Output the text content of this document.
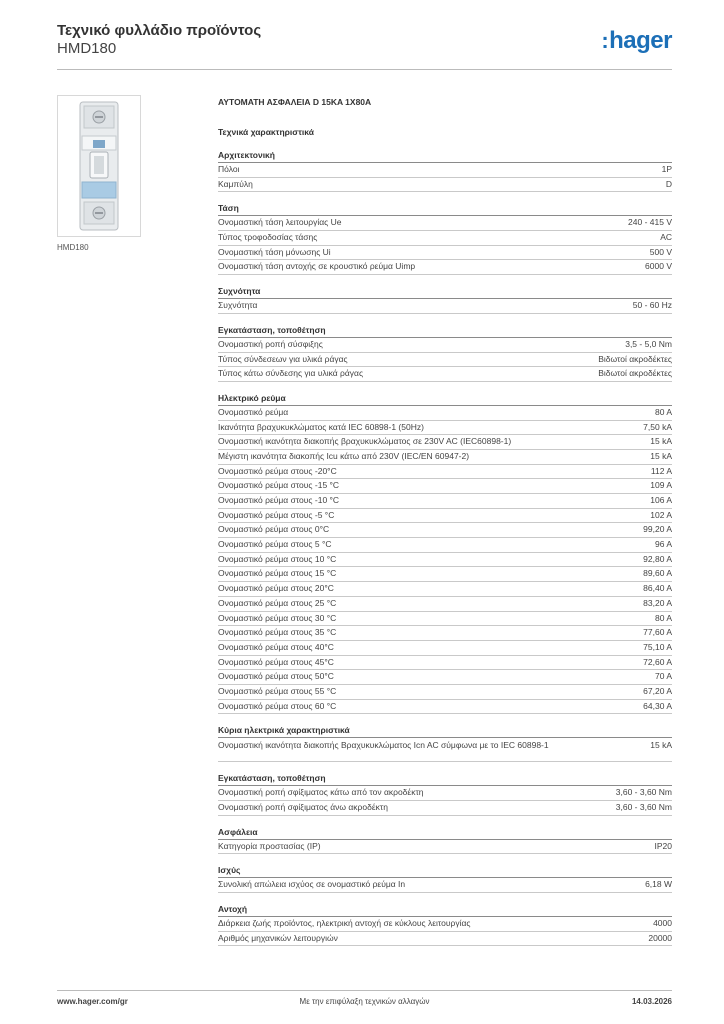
Τεχνικό φυλλάδιο προϊόντος
HMD180	:hager
HMD180
ΑΥΤΟΜΑΤΗ ΑΣΦΑΛΕΙΑ D 15KA 1X80A
Τεχνικά χαρακτηριστικά
Αρχιτεκτονική
Πόλοι	1P
Καμπύλη	D
Τάση
Ονομαστική τάση λειτουργίας Ue	240 - 415 V
Τύπος τροφοδοσίας τάσης	AC
Ονομαστική τάση μόνωσης Ui	500 V
Ονομαστική τάση αντοχής σε κρουστικό ρεύμα Uimp	6000 V
Συχνότητα
Συχνότητα	50 - 60 Hz
Εγκατάσταση, τοποθέτηση
Ονομαστική ροπή σύσφιξης	3,5 - 5,0 Nm
Τύπος σύνδεσεων για υλικά ράγας	Βιδωτοί ακροδέκτες
Τύπος κάτω σύνδεσης για υλικά ράγας	Βιδωτοί ακροδέκτες
Ηλεκτρικό ρεύμα
Ονομαστικό ρεύμα	80 A
Ικανότητα βραχυκυκλώματος κατά IEC 60898-1 (50Hz)	7,50 kA
Ονομαστική ικανότητα διακοπής βραχυκυκλώματος σε 230V AC (IEC60898-1)	15 kA
Μέγιστη ικανότητα διακοπής Icu κάτω από 230V (IEC/EN 60947-2)	15 kA
Ονομαστικό ρεύμα στους -20°C	112 A
Ονομαστικό ρεύμα στους -15 °C	109 A
Ονομαστικό ρεύμα στους -10 °C	106 A
Ονομαστικό ρεύμα στους -5 °C	102 A
Ονομαστικό ρεύμα στους 0°C	99,20 A
Ονομαστικό ρεύμα στους 5 °C	96 A
Ονομαστικό ρεύμα στους 10 °C	92,80 A
Ονομαστικό ρεύμα στους 15 °C	89,60 A
Ονομαστικό ρεύμα στους 20°C	86,40 A
Ονομαστικό ρεύμα στους 25 °C	83,20 A
Ονομαστικό ρεύμα στους 30 °C	80 A
Ονομαστικό ρεύμα στους 35 °C	77,60 A
Ονομαστικό ρεύμα στους 40°C	75,10 A
Ονομαστικό ρεύμα στους 45°C	72,60 A
Ονομαστικό ρεύμα στους 50°C	70 A
Ονομαστικό ρεύμα στους 55 °C	67,20 A
Ονομαστικό ρεύμα στους 60 °C	64,30 A
Κύρια ηλεκτρικά χαρακτηριστικά
Ονομαστική ικανότητα διακοπής Βραχυκυκλώματος Icn AC σύμφωνα με το IEC 60898-1	15 kA
Εγκατάσταση, τοποθέτηση
Ονομαστική ροπή σφίξιματος κάτω από τον ακροδέκτη	3,60 - 3,60 Nm
Ονομαστική ροπή σφίξιματος άνω ακροδέκτη	3,60 - 3,60 Nm
Ασφάλεια
Κατηγορία προστασίας (IP)	IP20
Ισχύς
Συνολική απώλεια ισχύος σε ονομαστικό ρεύμα In	6,18 W
Αντοχή
Διάρκεια ζωής προϊόντος, ηλεκτρική αντοχή σε κύκλους λειτουργίας	4000
Αριθμός μηχανικών λειτουργιών	20000
www.hager.com/gr	Με την επιφύλαξη τεχνικών αλλαγών	14.03.2026
